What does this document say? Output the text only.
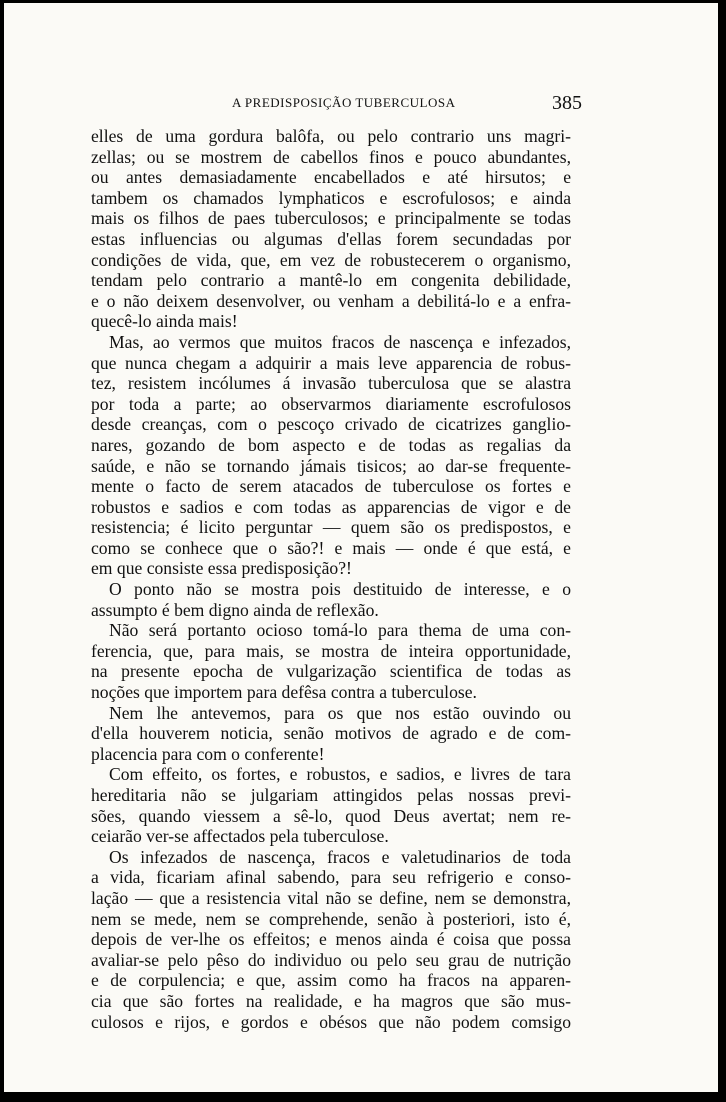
A PREDISPOSIÇÃO TUBERCULOSA	385
elles de uma gordura balôfa, ou pelo contrario uns magri-
zellas; ou se mostrem de cabellos finos e pouco abundantes,
ou antes demasiadamente encabellados e até hirsutos; e
tambem os chamados lymphaticos e escrofulosos; e ainda
mais os filhos de paes tuberculosos; e principalmente se todas
estas influencias ou algumas d'ellas forem secundadas por
condições de vida, que, em vez de robustecerem o organismo,
tendam pelo contrario a mantê-lo em congenita debilidade,
e o não deixem desenvolver, ou venham a debilitá-lo e a enfra-
quecê-lo ainda mais!
Mas, ao vermos que muitos fracos de nascença e infezados,
que nunca chegam a adquirir a mais leve apparencia de robus-
tez, resistem incólumes á invasão tuberculosa que se alastra
por toda a parte; ao observarmos diariamente escrofulosos
desde creanças, com o pescoço crivado de cicatrizes ganglio-
nares, gozando de bom aspecto e de todas as regalias da
saúde, e não se tornando jámais tisicos; ao dar-se frequente-
mente o facto de serem atacados de tuberculose os fortes e
robustos e sadios e com todas as apparencias de vigor e de
resistencia; é licito perguntar — quem são os predispostos, e
como se conhece que o são?! e mais — onde é que está, e
em que consiste essa predisposição?!
O ponto não se mostra pois destituido de interesse, e o
assumpto é bem digno ainda de reflexão.
Não será portanto ocioso tomá-lo para thema de uma con-
ferencia, que, para mais, se mostra de inteira opportunidade,
na presente epocha de vulgarização scientifica de todas as
noções que importem para defêsa contra a tuberculose.
Nem lhe antevemos, para os que nos estão ouvindo ou
d'ella houverem noticia, senão motivos de agrado e de com-
placencia para com o conferente!
Com effeito, os fortes, e robustos, e sadios, e livres de tara
hereditaria não se julgariam attingidos pelas nossas previ-
sões, quando viessem a sê-lo, quod Deus avertat; nem re-
ceiarão ver-se affectados pela tuberculose.
Os infezados de nascença, fracos e valetudinarios de toda
a vida, ficariam afinal sabendo, para seu refrigerio e conso-
lação — que a resistencia vital não se define, nem se demonstra,
nem se mede, nem se comprehende, senão à posteriori, isto é,
depois de ver-lhe os effeitos; e menos ainda é coisa que possa
avaliar-se pelo pêso do individuo ou pelo seu grau de nutrição
e de corpulencia; e que, assim como ha fracos na apparen-
cia que são fortes na realidade, e ha magros que são mus-
culosos e rijos, e gordos e obésos que não podem comsigo
